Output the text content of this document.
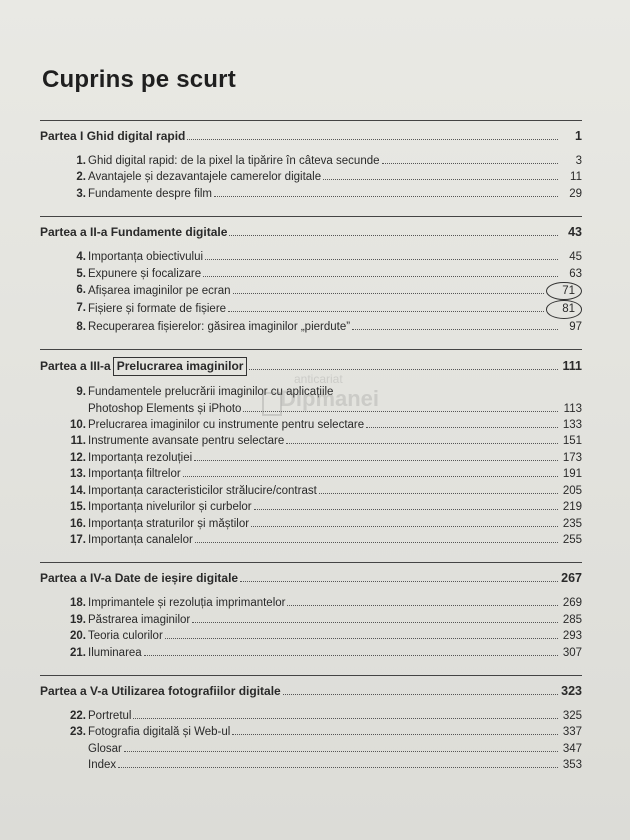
Cuprins pe scurt
Partea I Ghid digital rapid	1
1. Ghid digital rapid: de la pixel la tipărire în câteva secunde	3
2. Avantajele și dezavantajele camerelor digitale	11
3. Fundamente despre film	29
Partea a II-a Fundamente digitale	43
4. Importanța obiectivului	45
5. Expunere și focalizare	63
6. Afișarea imaginilor pe ecran	71
7. Fișiere și formate de fișiere	81
8. Recuperarea fișierelor: găsirea imaginilor „pierdute”	97
Partea a III-a Prelucrarea imaginilor	111
9. Fundamentele prelucrării imaginilor cu aplicațiile
Photoshop Elements și iPhoto	113
10. Prelucrarea imaginilor cu instrumente pentru selectare	133
11. Instrumente avansate pentru selectare	151
12. Importanța rezoluției	173
13. Importanța filtrelor	191
14. Importanța caracteristicilor strălucire/contrast	205
15. Importanța nivelurilor și curbelor	219
16. Importanța straturilor și măștilor	235
17. Importanța canalelor	255
Partea a IV-a Date de ieșire digitale	267
18. Imprimantele și rezoluția imprimantelor	269
19. Păstrarea imaginilor	285
20. Teoria culorilor	293
21. Iluminarea	307
Partea a V-a Utilizarea fotografiilor digitale	323
22. Portretul	325
23. Fotografia digitală și Web-ul	337
Glosar	347
Index	353
anticariat
Dipmanei
